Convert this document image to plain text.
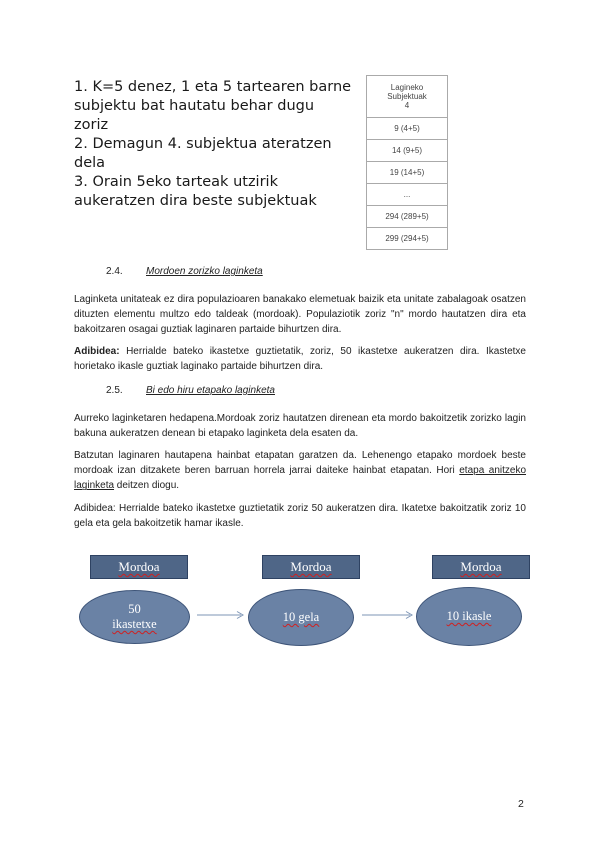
1. K=5 denez, 1 eta 5 tartearen barne
subjektu bat hautatu behar dugu
zoriz

2. Demagun 4. subjektua ateratzen
dela

3. Orain 5eko tarteak utzirik
aukeratzen dira beste subjektuak

Lagineko
Subjektuak
4
9 (4+5)
14 (9+5)
19 (14+5)
...
294 (289+5)
299 (294+5)
2.4. Mordoen zorizko laginketa

Laginketa unitateak ez dira populazioaren banakako elemetuak baizik eta unitate zabalagoak osatzen dituzten elementu multzo edo taldeak (mordoak). Populaziotik zoriz "n" mordo hautatzen dira eta bakoitzaren osagai guztiak laginaren partaide bihurtzen dira.

Adibidea: Herrialde bateko ikastetxe guztietatik, zoriz, 50 ikastetxe aukeratzen dira. Ikastetxe horietako ikasle guztiak laginako partaide bihurtzen dira.

2.5. Bi edo hiru etapako laginketa

Aurreko laginketaren hedapena.Mordoak zoriz hautatzen direnean eta mordo bakoitzetik zorizko lagin bakuna aukeratzen denean bi etapako laginketa dela esaten da.

Batzutan laginaren hautapena hainbat etapatan garatzen da. Lehenengo etapako mordoek beste mordoak izan ditzakete beren barruan horrela jarrai daiteke hainbat etapatan. Hori etapa anitzeko laginketa deitzen diogu.

Adibidea: Herrialde bateko ikastetxe guztietatik zoriz 50 aukeratzen dira. Ikatetxe bakoitzatik zoriz 10 gela eta gela bakoitzetik hamar ikasle.

Mordoa	Mordoa	Mordoa
50
ikastetxe	10 gela	10 ikasle
2
